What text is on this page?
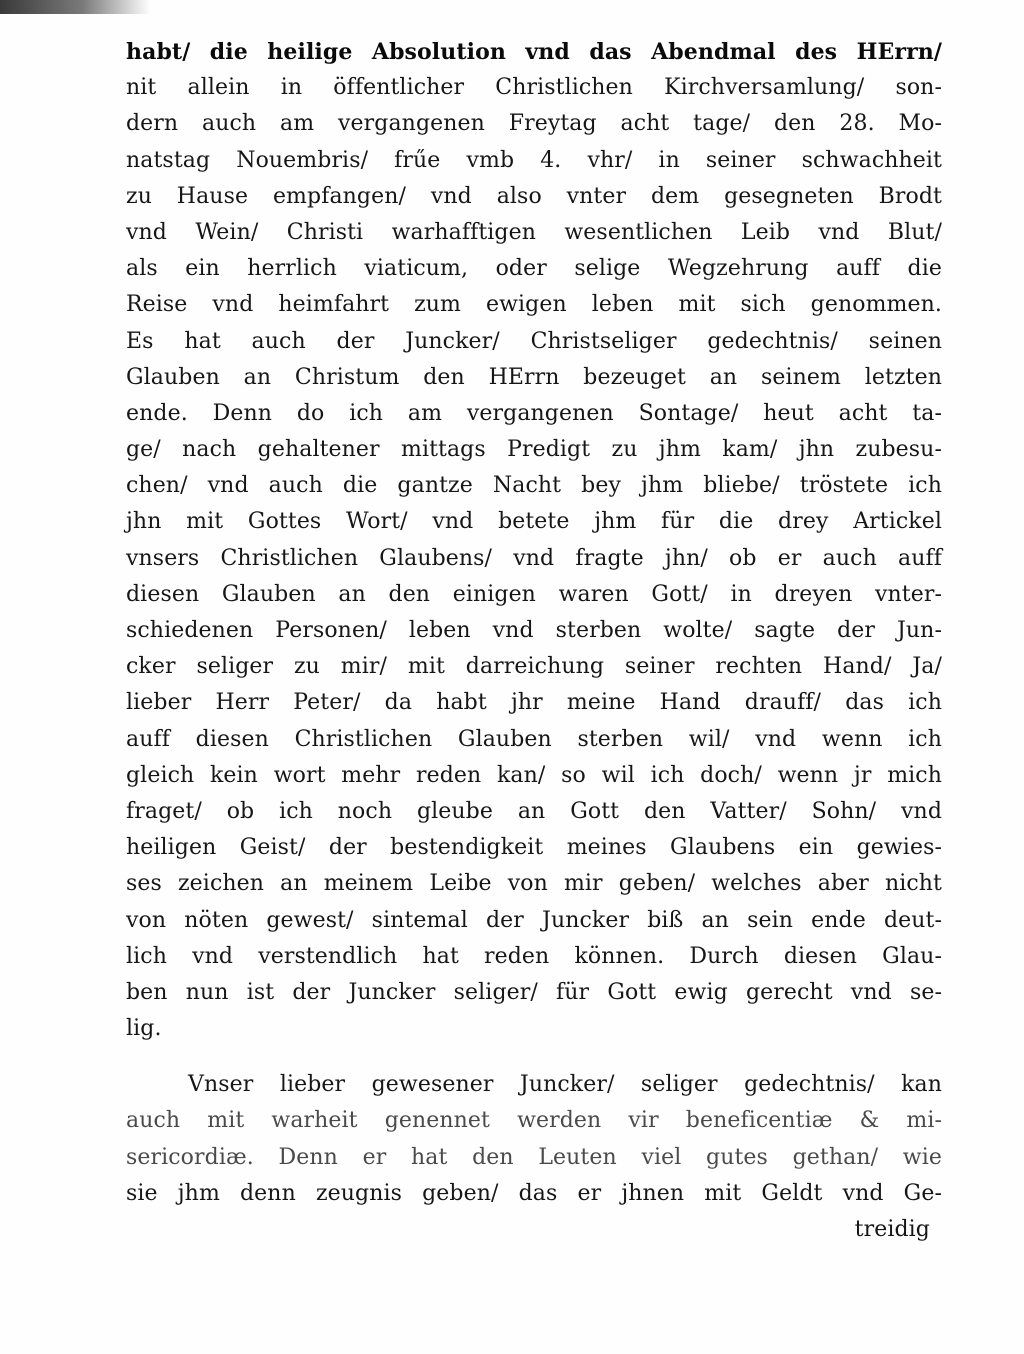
habt/ die heilige Absolution vnd das Abendmal des HErrn/
nit allein in öffentlicher Christlichen Kirchversamlung/ son-
dern auch am vergangenen Freytag acht tage/ den 28. Mo-
natstag Nouembris/ frűe vmb 4. vhr/ in seiner schwachheit
zu Hause empfangen/ vnd also vnter dem gesegneten Brodt
vnd Wein/ Christi warhafftigen wesentlichen Leib vnd Blut/
als ein herrlich viaticum, oder selige Wegzehrung auff die
Reise vnd heimfahrt zum ewigen leben mit sich genommen.
Es hat auch der Juncker/ Christseliger gedechtnis/ seinen
Glauben an Christum den HErrn bezeuget an seinem letzten
ende. Denn do ich am vergangenen Sontage/ heut acht ta-
ge/ nach gehaltener mittags Predigt zu jhm kam/ jhn zubesu-
chen/ vnd auch die gantze Nacht bey jhm bliebe/ tröstete ich
jhn mit Gottes Wort/ vnd betete jhm für die drey Artickel
vnsers Christlichen Glaubens/ vnd fragte jhn/ ob er auch auff
diesen Glauben an den einigen waren Gott/ in dreyen vnter-
schiedenen Personen/ leben vnd sterben wolte/ sagte der Jun-
cker seliger zu mir/ mit darreichung seiner rechten Hand/ Ja/
lieber Herr Peter/ da habt jhr meine Hand drauff/ das ich
auff diesen Christlichen Glauben sterben wil/ vnd wenn ich
gleich kein wort mehr reden kan/ so wil ich doch/ wenn jr mich
fraget/ ob ich noch gleube an Gott den Vatter/ Sohn/ vnd
heiligen Geist/ der bestendigkeit meines Glaubens ein gewies-
ses zeichen an meinem Leibe von mir geben/ welches aber nicht
von nöten gewest/ sintemal der Juncker biß an sein ende deut-
lich vnd verstendlich hat reden können. Durch diesen Glau-
ben nun ist der Juncker seliger/ für Gott ewig gerecht vnd se-
lig.
Vnser lieber gewesener Juncker/ seliger gedechtnis/ kan
auch mit warheit genennet werden vir beneficentiæ & mi-
sericordiæ. Denn er hat den Leuten viel gutes gethan/ wie
sie jhm denn zeugnis geben/ das er jhnen mit Geldt vnd Ge-
treidig
